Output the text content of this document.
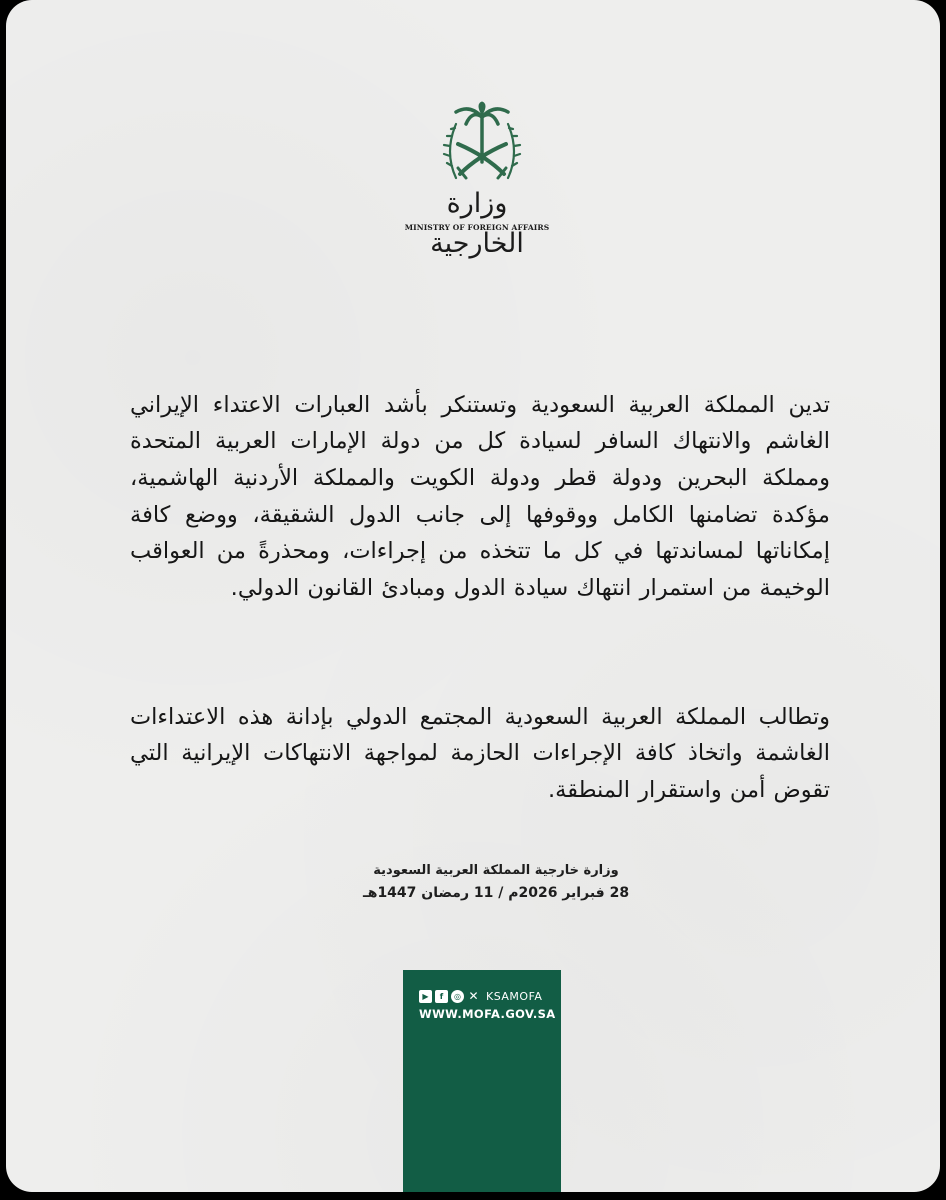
وزارة الخارجية
MINISTRY OF FOREIGN AFFAIRS

تدين المملكة العربية السعودية وتستنكر بأشد العبارات الاعتداء الإيراني الغاشم والانتهاك السافر لسيادة كل من دولة الإمارات العربية المتحدة ومملكة البحرين ودولة قطر ودولة الكويت والمملكة الأردنية الهاشمية، مؤكدة تضامنها الكامل ووقوفها إلى جانب الدول الشقيقة، ووضع كافة إمكاناتها لمساندتها في كل ما تتخذه من إجراءات، ومحذرةً من العواقب الوخيمة من استمرار انتهاك سيادة الدول ومبادئ القانون الدولي.

وتطالب المملكة العربية السعودية المجتمع الدولي بإدانة هذه الاعتداءات الغاشمة واتخاذ كافة الإجراءات الحازمة لمواجهة الانتهاكات الإيرانية التي تقوض أمن واستقرار المنطقة.

وزارة خارجية المملكة العربية السعودية
28 فبراير 2026م / 11 رمضان 1447هـ
▶	f	◎ ✕ KSAMOFA
WWW.MOFA.GOV.SA
